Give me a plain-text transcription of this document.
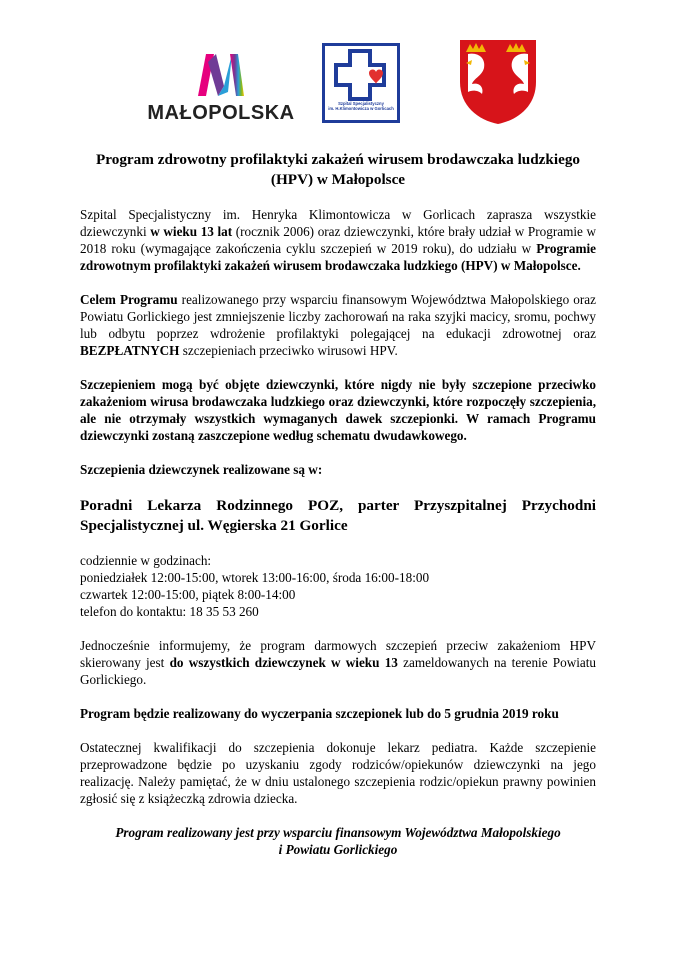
MAŁOPOLSKA	Szpital Specjalistyczny
im. H.Klimontowicza w Gorlicach
Program zdrowotny profilaktyki zakażeń wirusem brodawczaka ludzkiego (HPV) w Małopolsce

Szpital Specjalistyczny im. Henryka Klimontowicza w Gorlicach zaprasza wszystkie dziewczynki w wieku 13 lat (rocznik 2006) oraz dziewczynki, które brały udział w Programie w 2018 roku (wymagające zakończenia cyklu szczepień w 2019 roku), do udziału w Programie zdrowotnym profilaktyki zakażeń wirusem brodawczaka ludzkiego (HPV) w Małopolsce.

Celem Programu realizowanego przy wsparciu finansowym Województwa Małopolskiego oraz Powiatu Gorlickiego jest zmniejszenie liczby zachorowań na raka szyjki macicy, sromu, pochwy lub odbytu poprzez wdrożenie profilaktyki polegającej na edukacji zdrowotnej oraz BEZPŁATNYCH szczepieniach przeciwko wirusowi HPV.

Szczepieniem mogą być objęte dziewczynki, które nigdy nie były szczepione przeciwko zakażeniom wirusa brodawczaka ludzkiego oraz dziewczynki, które rozpoczęły szczepienia, ale nie otrzymały wszystkich wymaganych dawek szczepionki. W ramach Programu dziewczynki zostaną zaszczepione według schematu dwudawkowego.

Szczepienia dziewczynek realizowane są w:

Poradni Lekarza Rodzinnego POZ, parter Przyszpitalnej Przychodni Specjalistycznej ul. Węgierska 21 Gorlice
codziennie w godzinach:
poniedziałek 12:00-15:00, wtorek 13:00-16:00, środa 16:00-18:00
czwartek 12:00-15:00, piątek 8:00-14:00
telefon do kontaktu: 18 35 53 260

Jednocześnie informujemy, że program darmowych szczepień przeciw zakażeniom HPV skierowany jest do wszystkich dziewczynek w wieku 13 zameldowanych na terenie Powiatu Gorlickiego.

Program będzie realizowany do wyczerpania szczepionek lub do 5 grudnia 2019 roku

Ostatecznej kwalifikacji do szczepienia dokonuje lekarz pediatra. Każde szczepienie przeprowadzone będzie po uzyskaniu zgody rodziców/opiekunów dziewczynki na jego realizację. Należy pamiętać, że w dniu ustalonego szczepienia rodzic/opiekun prawny powinien zgłosić się z książeczką zdrowia dziecka.

Program realizowany jest przy wsparciu finansowym Województwa Małopolskiego
i Powiatu Gorlickiego
